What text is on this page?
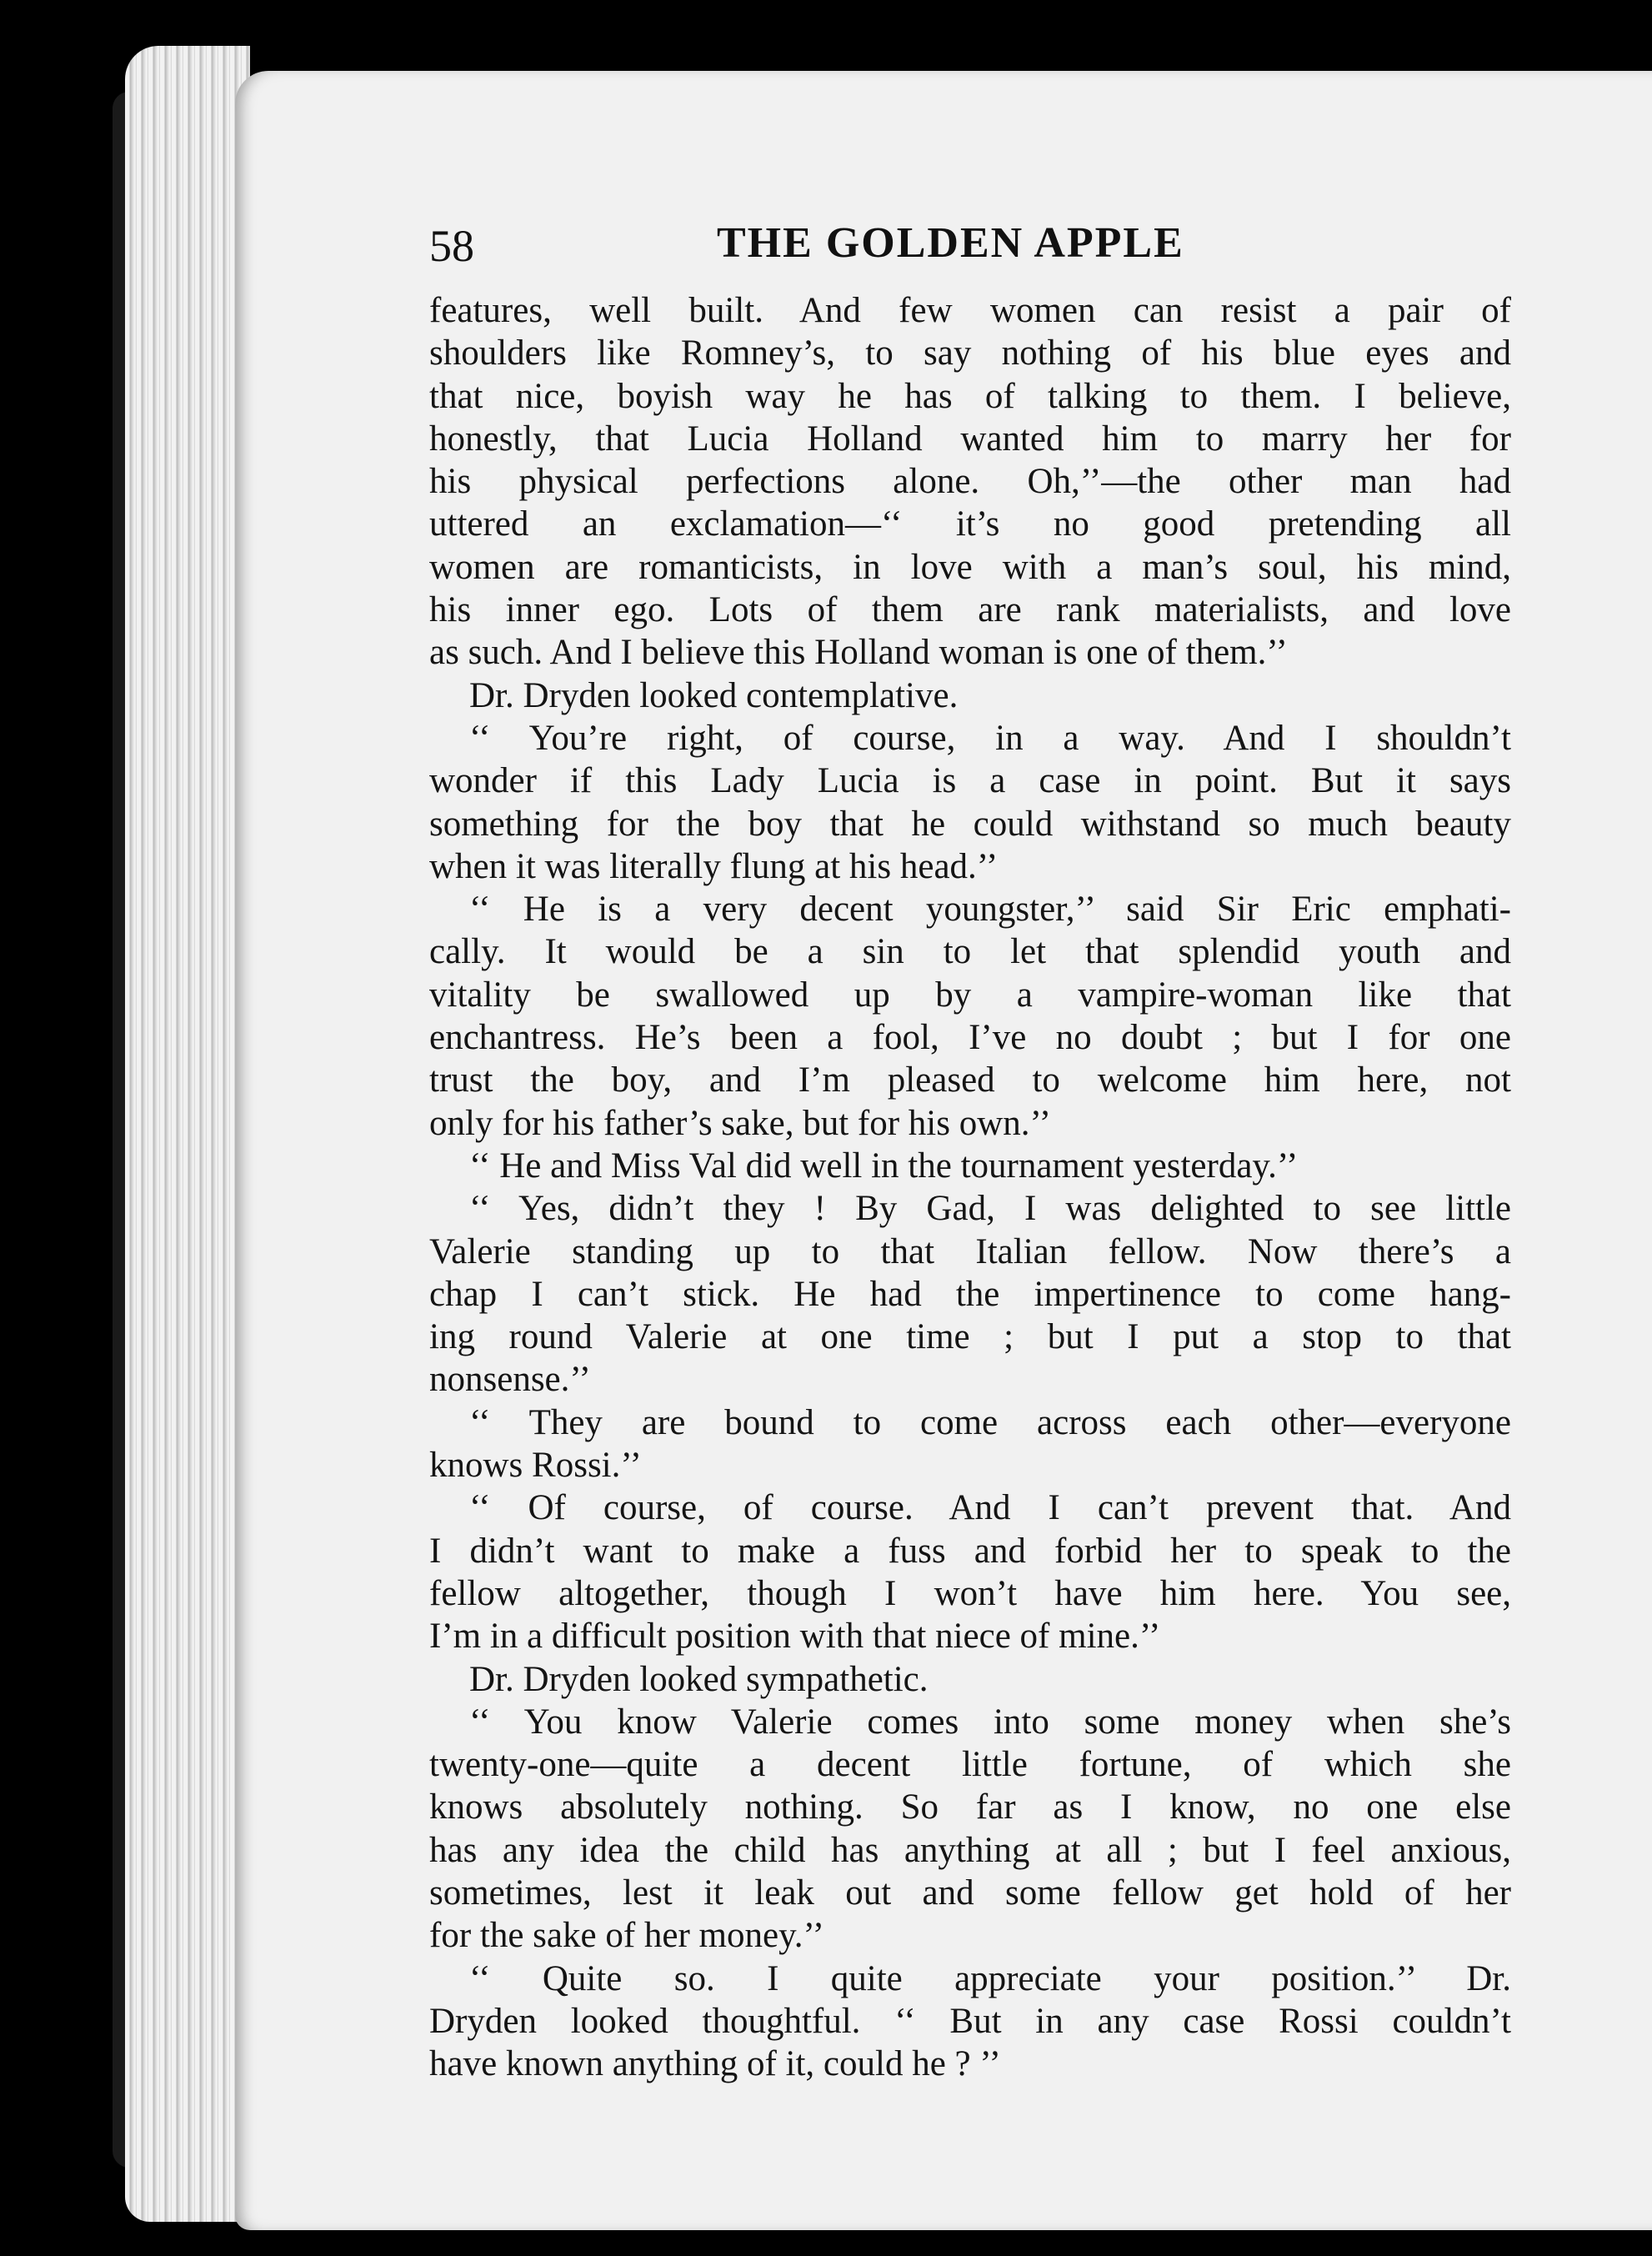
58	THE GOLDEN APPLE
features, well built. And few women can resist a pair of
shoulders like Romney’s, to say nothing of his blue eyes and
that nice, boyish way he has of talking to them. I believe,
honestly, that Lucia Holland wanted him to marry her for
his physical perfections alone. Oh,’’—the other man had
uttered an exclamation—‘‘ it’s no good pretending all
women are romanticists, in love with a man’s soul, his mind,
his inner ego. Lots of them are rank materialists, and love
as such. And I believe this Holland woman is one of them.’’
Dr. Dryden looked contemplative.
‘‘ You’re right, of course, in a way. And I shouldn’t
wonder if this Lady Lucia is a case in point. But it says
something for the boy that he could withstand so much beauty
when it was literally flung at his head.’’
‘‘ He is a very decent youngster,’’ said Sir Eric emphati-
cally. It would be a sin to let that splendid youth and
vitality be swallowed up by a vampire-woman like that
enchantress. He’s been a fool, I’ve no doubt ; but I for one
trust the boy, and I’m pleased to welcome him here, not
only for his father’s sake, but for his own.’’
‘‘ He and Miss Val did well in the tournament yesterday.’’
‘‘ Yes, didn’t they ! By Gad, I was delighted to see little
Valerie standing up to that Italian fellow. Now there’s a
chap I can’t stick. He had the impertinence to come hang-
ing round Valerie at one time ; but I put a stop to that
nonsense.’’
‘‘ They are bound to come across each other—everyone
knows Rossi.’’
‘‘ Of course, of course. And I can’t prevent that. And
I didn’t want to make a fuss and forbid her to speak to the
fellow altogether, though I won’t have him here. You see,
I’m in a difficult position with that niece of mine.’’
Dr. Dryden looked sympathetic.
‘‘ You know Valerie comes into some money when she’s
twenty-one—quite a decent little fortune, of which she
knows absolutely nothing. So far as I know, no one else
has any idea the child has anything at all ; but I feel anxious,
sometimes, lest it leak out and some fellow get hold of her
for the sake of her money.’’
‘‘ Quite so. I quite appreciate your position.’’ Dr.
Dryden looked thoughtful. ‘‘ But in any case Rossi couldn’t
have known anything of it, could he ? ’’
